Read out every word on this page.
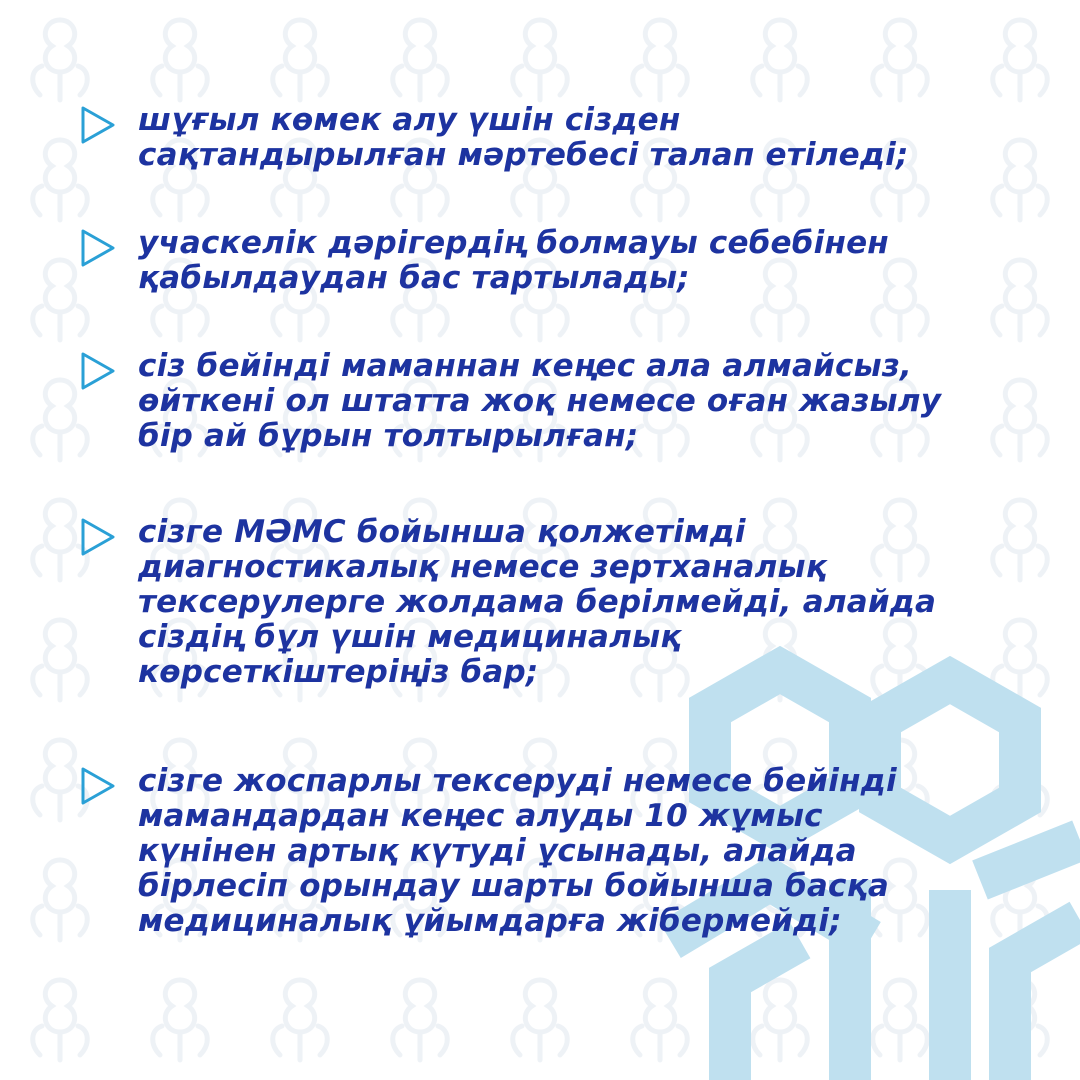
шұғыл көмек алу үшін сізден
сақтандырылған мәртебесі талап етіледі;
учаскелік дәрігердің болмауы себебінен
қабылдаудан бас тартылады;
сіз бейінді маманнан кеңес ала алмайсыз,
өйткені ол штатта жоқ немесе оған жазылу
бір ай бұрын толтырылған;
сізге МӘМС бойынша қолжетімді
диагностикалық немесе зертханалық
тексерулерге жолдама берілмейді, алайда
сіздің бұл үшін медициналық
көрсеткіштеріңіз бар;
сізге жоспарлы тексеруді немесе бейінді
мамандардан кеңес алуды 10 жұмыс
күнінен артық күтуді ұсынады, алайда
бірлесіп орындау шарты бойынша басқа
медициналық ұйымдарға жібермейді;
